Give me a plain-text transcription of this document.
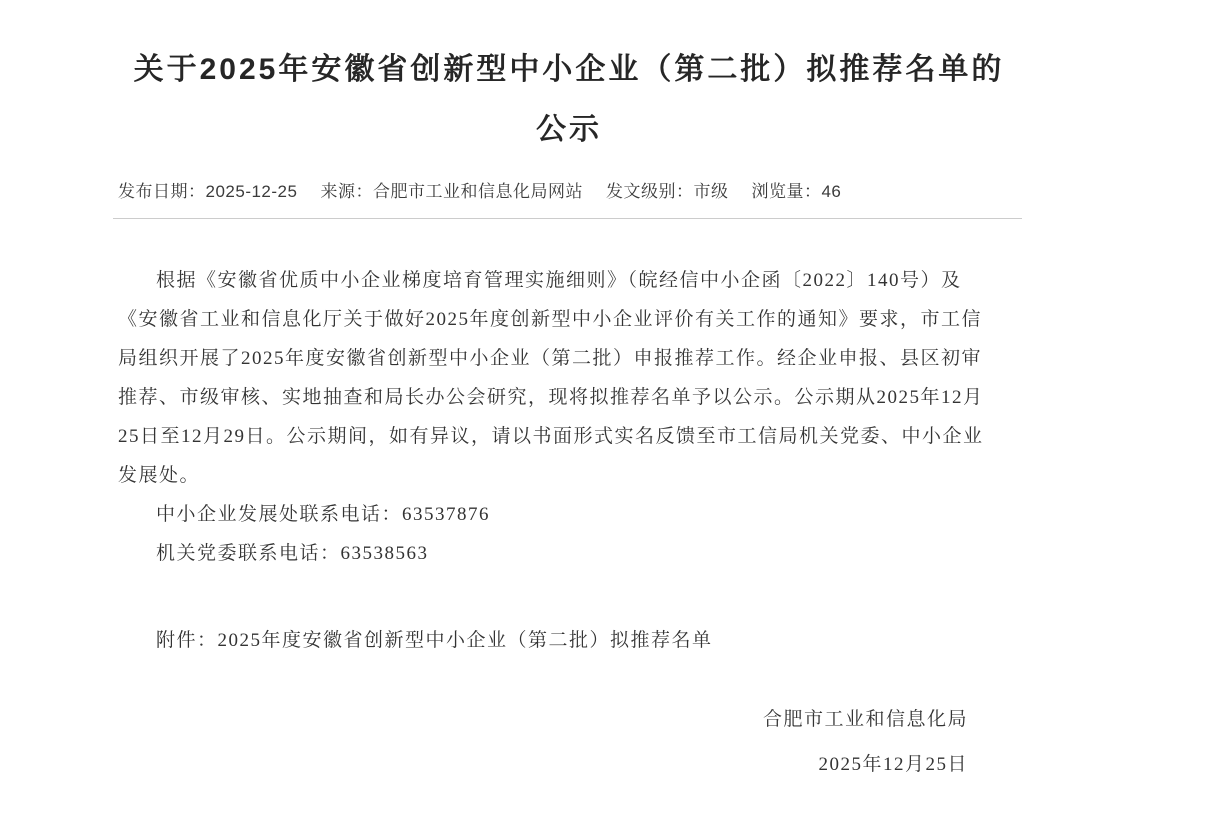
关于2025年安徽省创新型中小企业（第二批）拟推荐名单的
公示
发布日期： 2025-12-25 来源： 合肥市工业和信息化局网站 发文级别： 市级 浏览量： 46
根据《安徽省优质中小企业梯度培育管理实施细则》（皖经信中小企函〔2022〕140号）及
《安徽省工业和信息化厅关于做好2025年度创新型中小企业评价有关工作的通知》要求，市工信
局组织开展了2025年度安徽省创新型中小企业（第二批）申报推荐工作。经企业申报、县区初审
推荐、市级审核、实地抽查和局长办公会研究，现将拟推荐名单予以公示。公示期从2025年12月
25日至12月29日。公示期间，如有异议，请以书面形式实名反馈至市工信局机关党委、中小企业
发展处。
中小企业发展处联系电话：63537876
机关党委联系电话：63538563
附件：2025年度安徽省创新型中小企业（第二批）拟推荐名单
合肥市工业和信息化局
2025年12月25日
